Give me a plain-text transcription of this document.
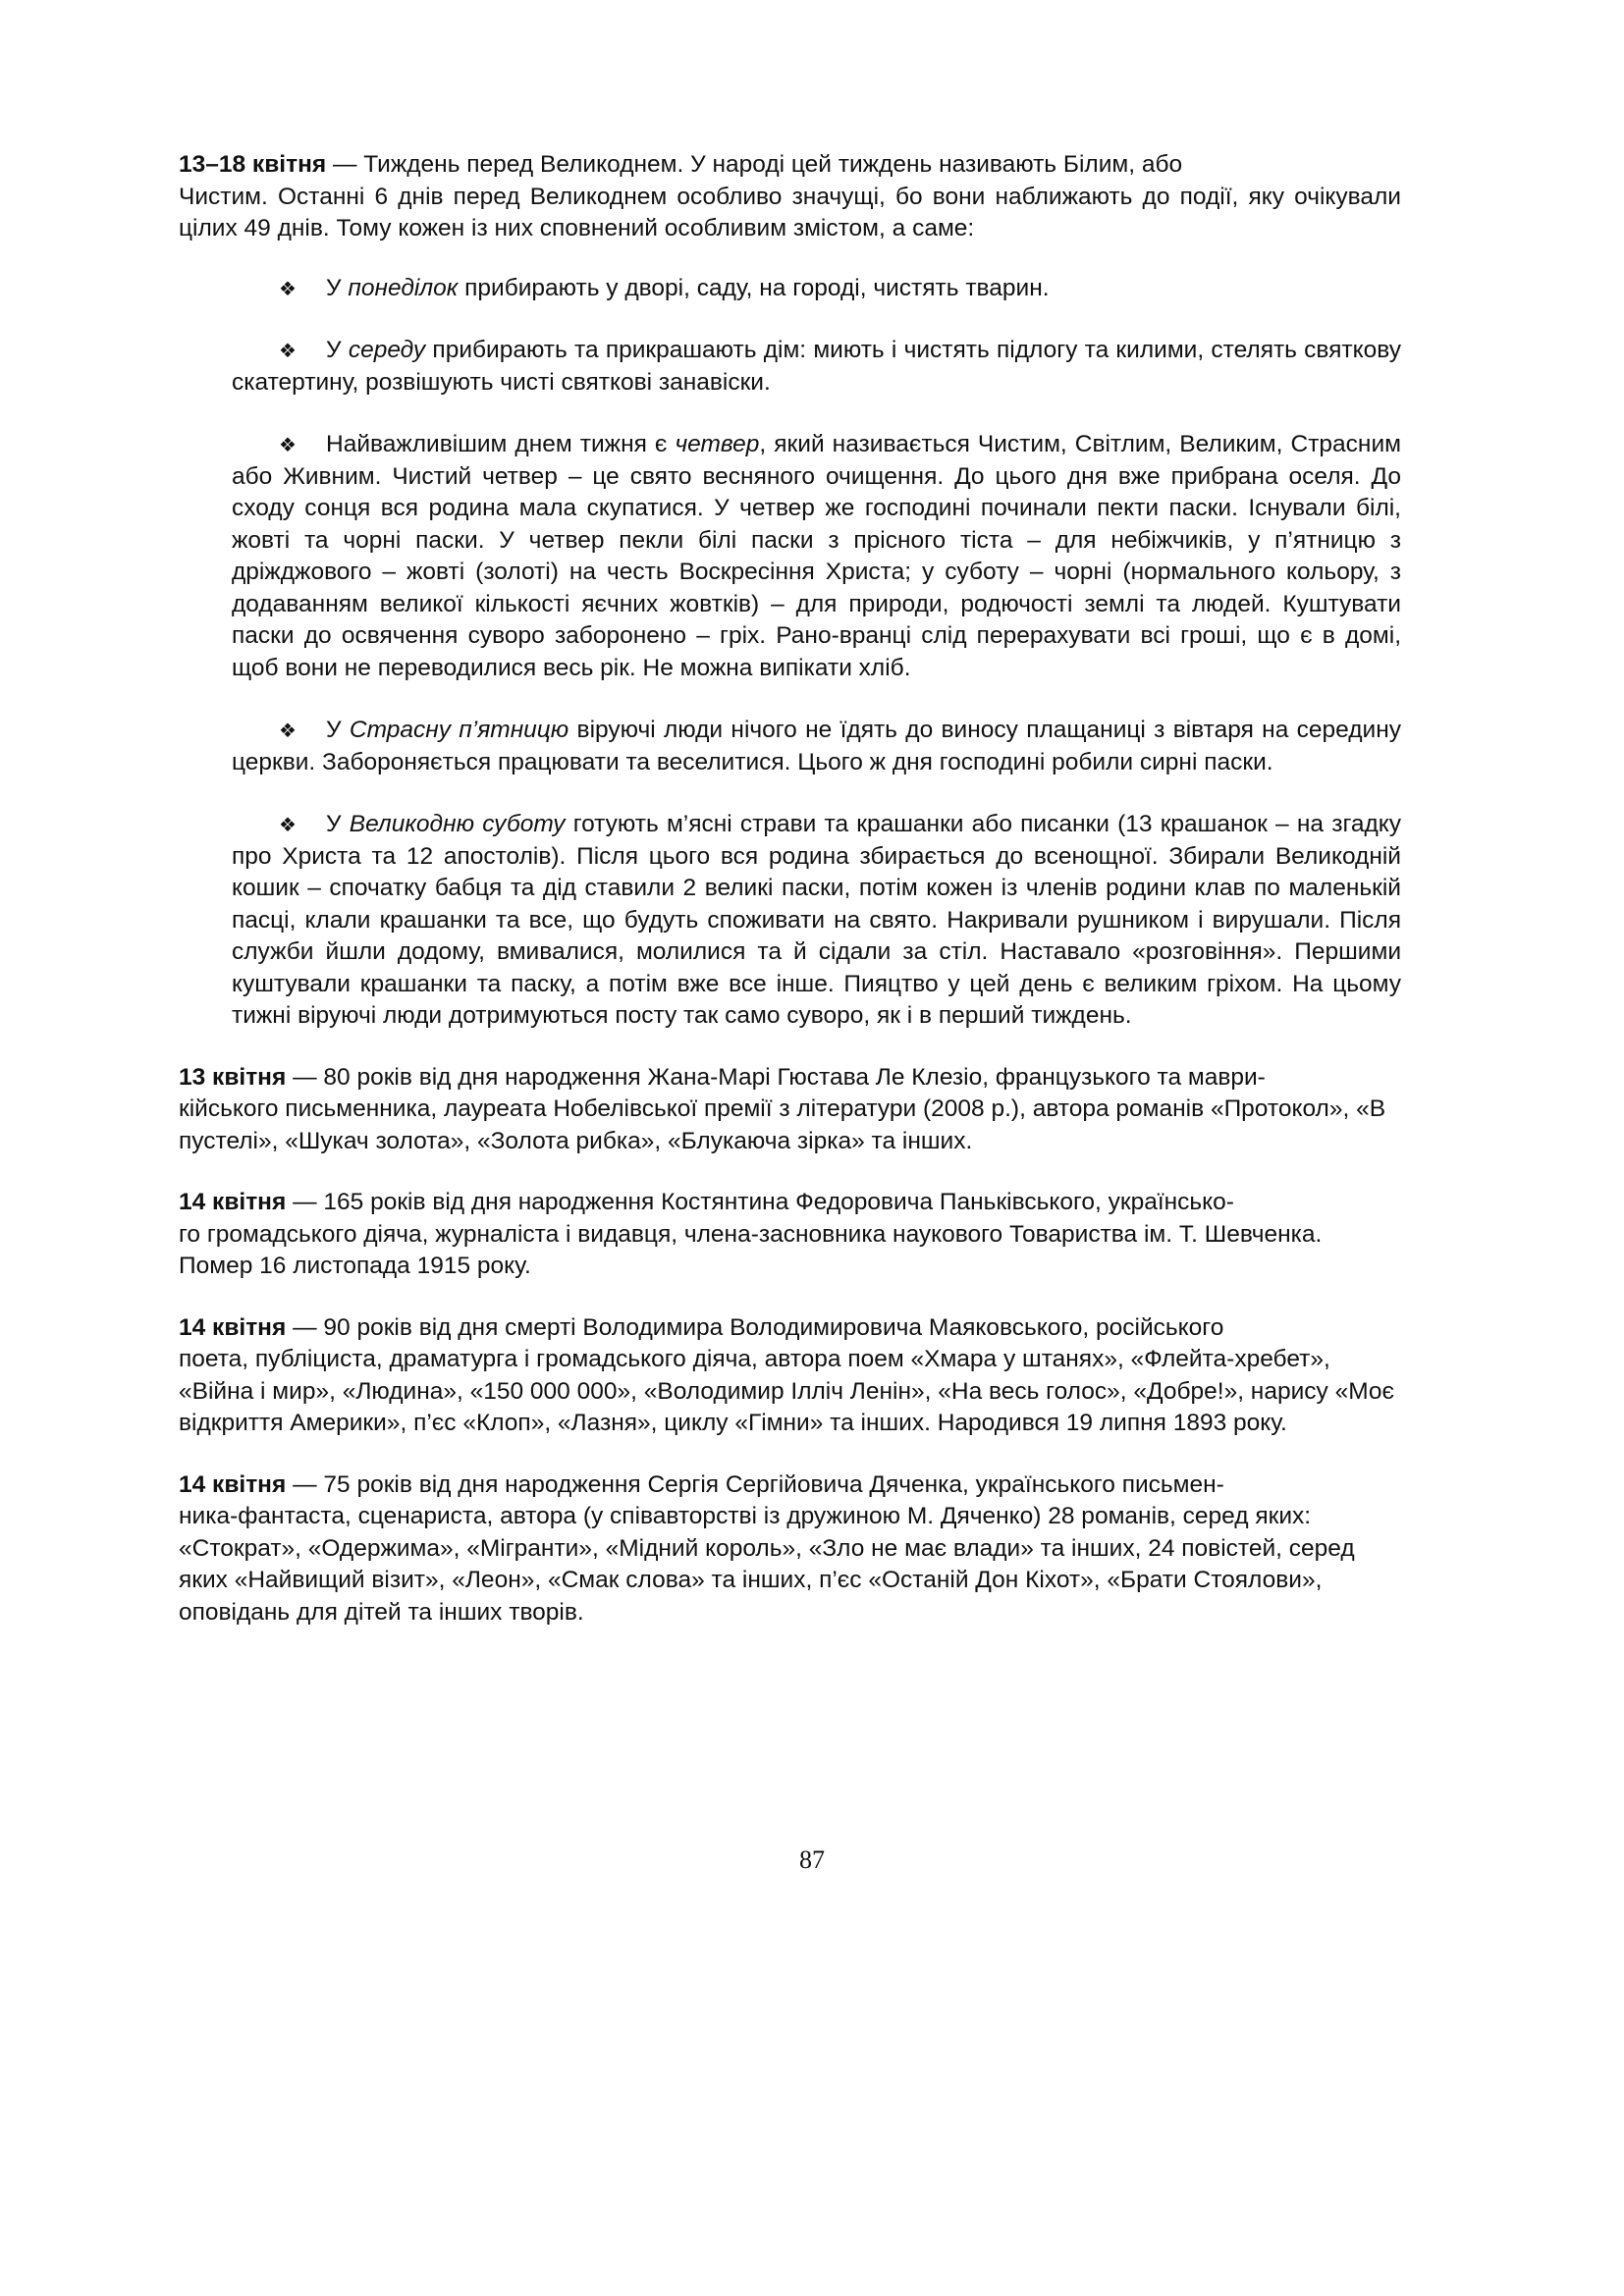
13–18 квітня — Тиждень перед Великоднем. У народі цей тиждень називають Білим, або

Чистим. Останні 6 днів перед Великоднем особливо значущі, бо вони наближають до події, яку очікували цілих 49 днів. Тому кожен із них сповнений особливим змістом, а саме:

❖ У понеділок прибирають у дворі, саду, на городі, чистять тварин.
❖ У середу прибирають та прикрашають дім: миють і чистять підлогу та килими, стелять святкову скатертину, розвішують чисті святкові занавіски.
❖ Найважливішим днем тижня є четвер, який називається Чистим, Світлим, Великим, Страсним або Живним. Чистий четвер – це свято весняного очищення. До цього дня вже прибрана оселя. До сходу сонця вся родина мала скупатися. У четвер же господині починали пекти паски. Існували білі, жовті та чорні паски. У четвер пекли білі паски з прісного тіста – для небіжчиків, у п’ятницю з дріжджового – жовті (золоті) на честь Воскресіння Христа; у суботу – чорні (нормального кольору, з додаванням великої кількості яєчних жовтків) – для природи, родючості землі та людей. Куштувати паски до освячення суворо заборонено – гріх. Рано-вранці слід перерахувати всі гроші, що є в домі, щоб вони не переводилися весь рік. Не можна випікати хліб.
❖ У Страсну п’ятницю віруючі люди нічого не їдять до виносу плащаниці з вівтаря на середину церкви. Забороняється працювати та веселитися. Цього ж дня господині робили сирні паски.
❖ У Великодню суботу готують м’ясні страви та крашанки або писанки (13 крашанок – на згадку про Христа та 12 апостолів). Після цього вся родина збирається до всенощної. Збирали Великодній кошик – спочатку бабця та дід ставили 2 великі паски, потім кожен із членів родини клав по маленькій пасці, клали крашанки та все, що будуть споживати на свято. Накривали рушником і вирушали. Після служби йшли додому, вмивалися, молилися та й сідали за стіл. Наставало «розговіння». Першими куштували крашанки та паску, а потім вже все інше. Пияцтво у цей день є великим гріхом. На цьому тижні віруючі люди дотримуються посту так само суворо, як і в перший тиждень.

13 квітня — 80 років від дня народження Жана-Марі Гюстава Ле Клезіо, французького та маври-

кійського письменника, лауреата Нобелівської премії з літератури (2008 р.), автора романів «Протокол», «В пустелі», «Шукач золота», «Золота рибка», «Блукаюча зірка» та інших.

14 квітня — 165 років від дня народження Костянтина Федоровича Паньківського, українсько-

го громадського діяча, журналіста і видавця, члена-засновника наукового Товариства ім. Т. Шевченка. Помер 16 листопада 1915 року.

14 квітня — 90 років від дня смерті Володимира Володимировича Маяковського, російського

поета, публіциста, драматурга і громадського діяча, автора поем «Хмара у штанях», «Флейта-хребет», «Війна і мир», «Людина», «150 000 000», «Володимир Ілліч Ленін», «На весь голос», «Добре!», нарису «Моє відкриття Америки», п’єс «Клоп», «Лазня», циклу «Гімни» та інших. Народився 19 липня 1893 року.

14 квітня — 75 років від дня народження Сергія Сергійовича Дяченка, українського письмен-

ника-фантаста, сценариста, автора (у співавторстві із дружиною М. Дяченко) 28 романів, серед яких: «Стократ», «Одержима», «Мігранти», «Мідний король», «Зло не має влади» та інших, 24 повістей, серед яких «Найвищий візит», «Леон», «Смак слова» та інших, п’єс «Останій Дон Кіхот», «Брати Стоялови», оповідань для дітей та інших творів.
87
